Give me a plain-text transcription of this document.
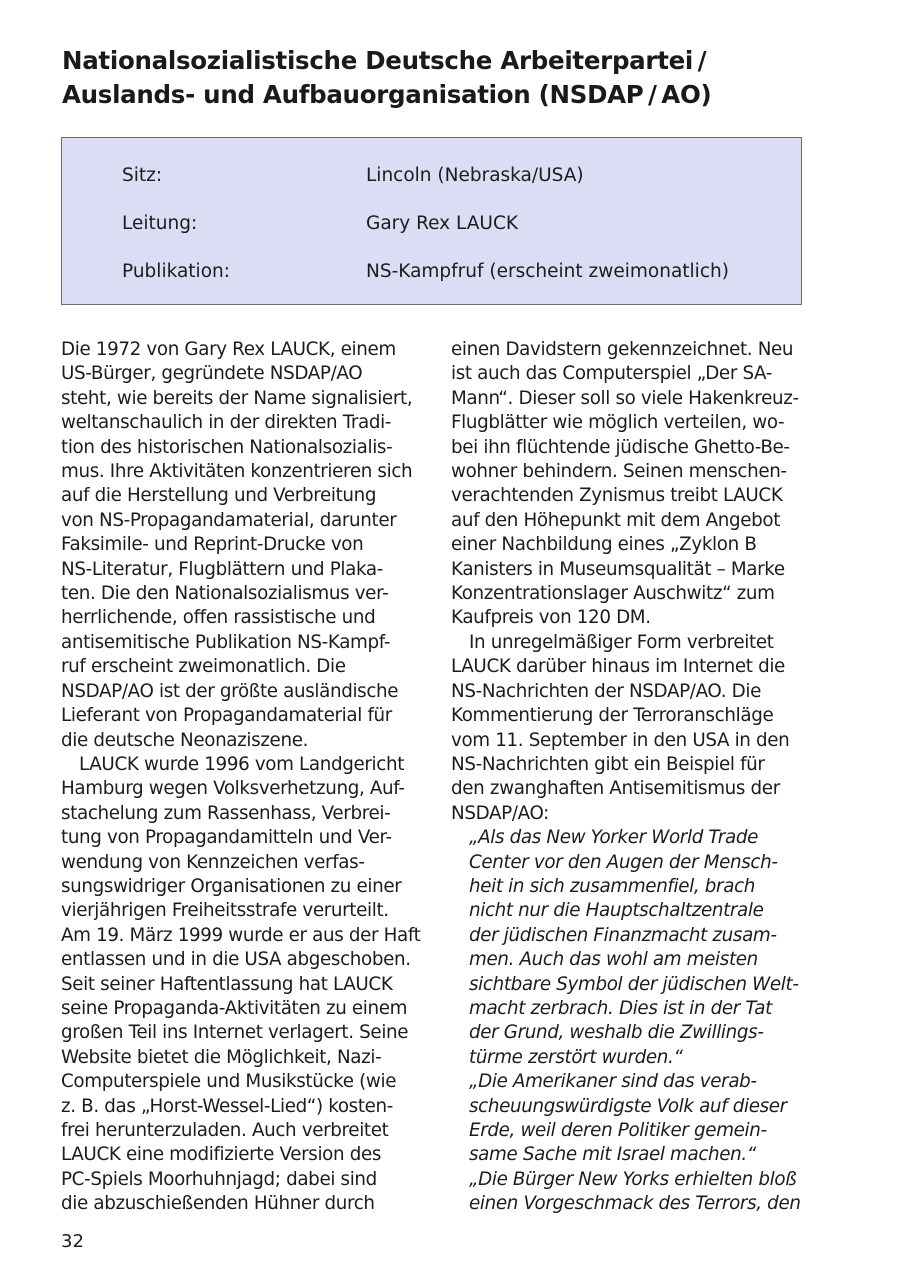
Nationalsozialistische Deutsche Arbeiterpartei /
Auslands- und Aufbauorganisation (NSDAP / AO)
Sitz:	Lincoln (Nebraska/USA)
Leitung:	Gary Rex LAUCK
Publikation:	NS-Kampfruf (erscheint zweimonatlich)
Die 1972 von Gary Rex LAUCK, einem
US-Bürger, gegründete NSDAP/AO
steht, wie bereits der Name signalisiert,
weltanschaulich in der direkten Tradi-
tion des historischen Nationalsozialis-
mus. Ihre Aktivitäten konzentrieren sich
auf die Herstellung und Verbreitung
von NS-Propagandamaterial, darunter
Faksimile- und Reprint-Drucke von
NS-Literatur, Flugblättern und Plaka-
ten. Die den Nationalsozialismus ver-
herrlichende, offen rassistische und
antisemitische Publikation NS-Kampf-
ruf erscheint zweimonatlich. Die
NSDAP/AO ist der größte ausländische
Lieferant von Propagandamaterial für
die deutsche Neonaziszene.
LAUCK wurde 1996 vom Landgericht
Hamburg wegen Volksverhetzung, Auf-
stachelung zum Rassenhass, Verbrei-
tung von Propagandamitteln und Ver-
wendung von Kennzeichen verfas-
sungswidriger Organisationen zu einer
vierjährigen Freiheitsstrafe verurteilt.
Am 19. März 1999 wurde er aus der Haft
entlassen und in die USA abgeschoben.
Seit seiner Haftentlassung hat LAUCK
seine Propaganda-Aktivitäten zu einem
großen Teil ins Internet verlagert. Seine
Website bietet die Möglichkeit, Nazi-
Computerspiele und Musikstücke (wie
z. B. das „Horst-Wessel-Lied“) kosten-
frei herunterzuladen. Auch verbreitet
LAUCK eine modifizierte Version des
PC-Spiels Moorhuhnjagd; dabei sind
die abzuschießenden Hühner durch
einen Davidstern gekennzeichnet. Neu
ist auch das Computerspiel „Der SA-
Mann“. Dieser soll so viele Hakenkreuz-
Flugblätter wie möglich verteilen, wo-
bei ihn flüchtende jüdische Ghetto-Be-
wohner behindern. Seinen menschen-
verachtenden Zynismus treibt LAUCK
auf den Höhepunkt mit dem Angebot
einer Nachbildung eines „Zyklon B
Kanisters in Museumsqualität – Marke
Konzentrationslager Auschwitz“ zum
Kaufpreis von 120 DM.
In unregelmäßiger Form verbreitet
LAUCK darüber hinaus im Internet die
NS-Nachrichten der NSDAP/AO. Die
Kommentierung der Terroranschläge
vom 11. September in den USA in den
NS-Nachrichten gibt ein Beispiel für
den zwanghaften Antisemitismus der
NSDAP/AO:
„Als das New Yorker World Trade
Center vor den Augen der Mensch-
heit in sich zusammenfiel, brach
nicht nur die Hauptschaltzentrale
der jüdischen Finanzmacht zusam-
men. Auch das wohl am meisten
sichtbare Symbol der jüdischen Welt-
macht zerbrach. Dies ist in der Tat
der Grund, weshalb die Zwillings-
türme zerstört wurden.“
„Die Amerikaner sind das verab-
scheuungswürdigste Volk auf dieser
Erde, weil deren Politiker gemein-
same Sache mit Israel machen.“
„Die Bürger New Yorks erhielten bloß
einen Vorgeschmack des Terrors, den
32
